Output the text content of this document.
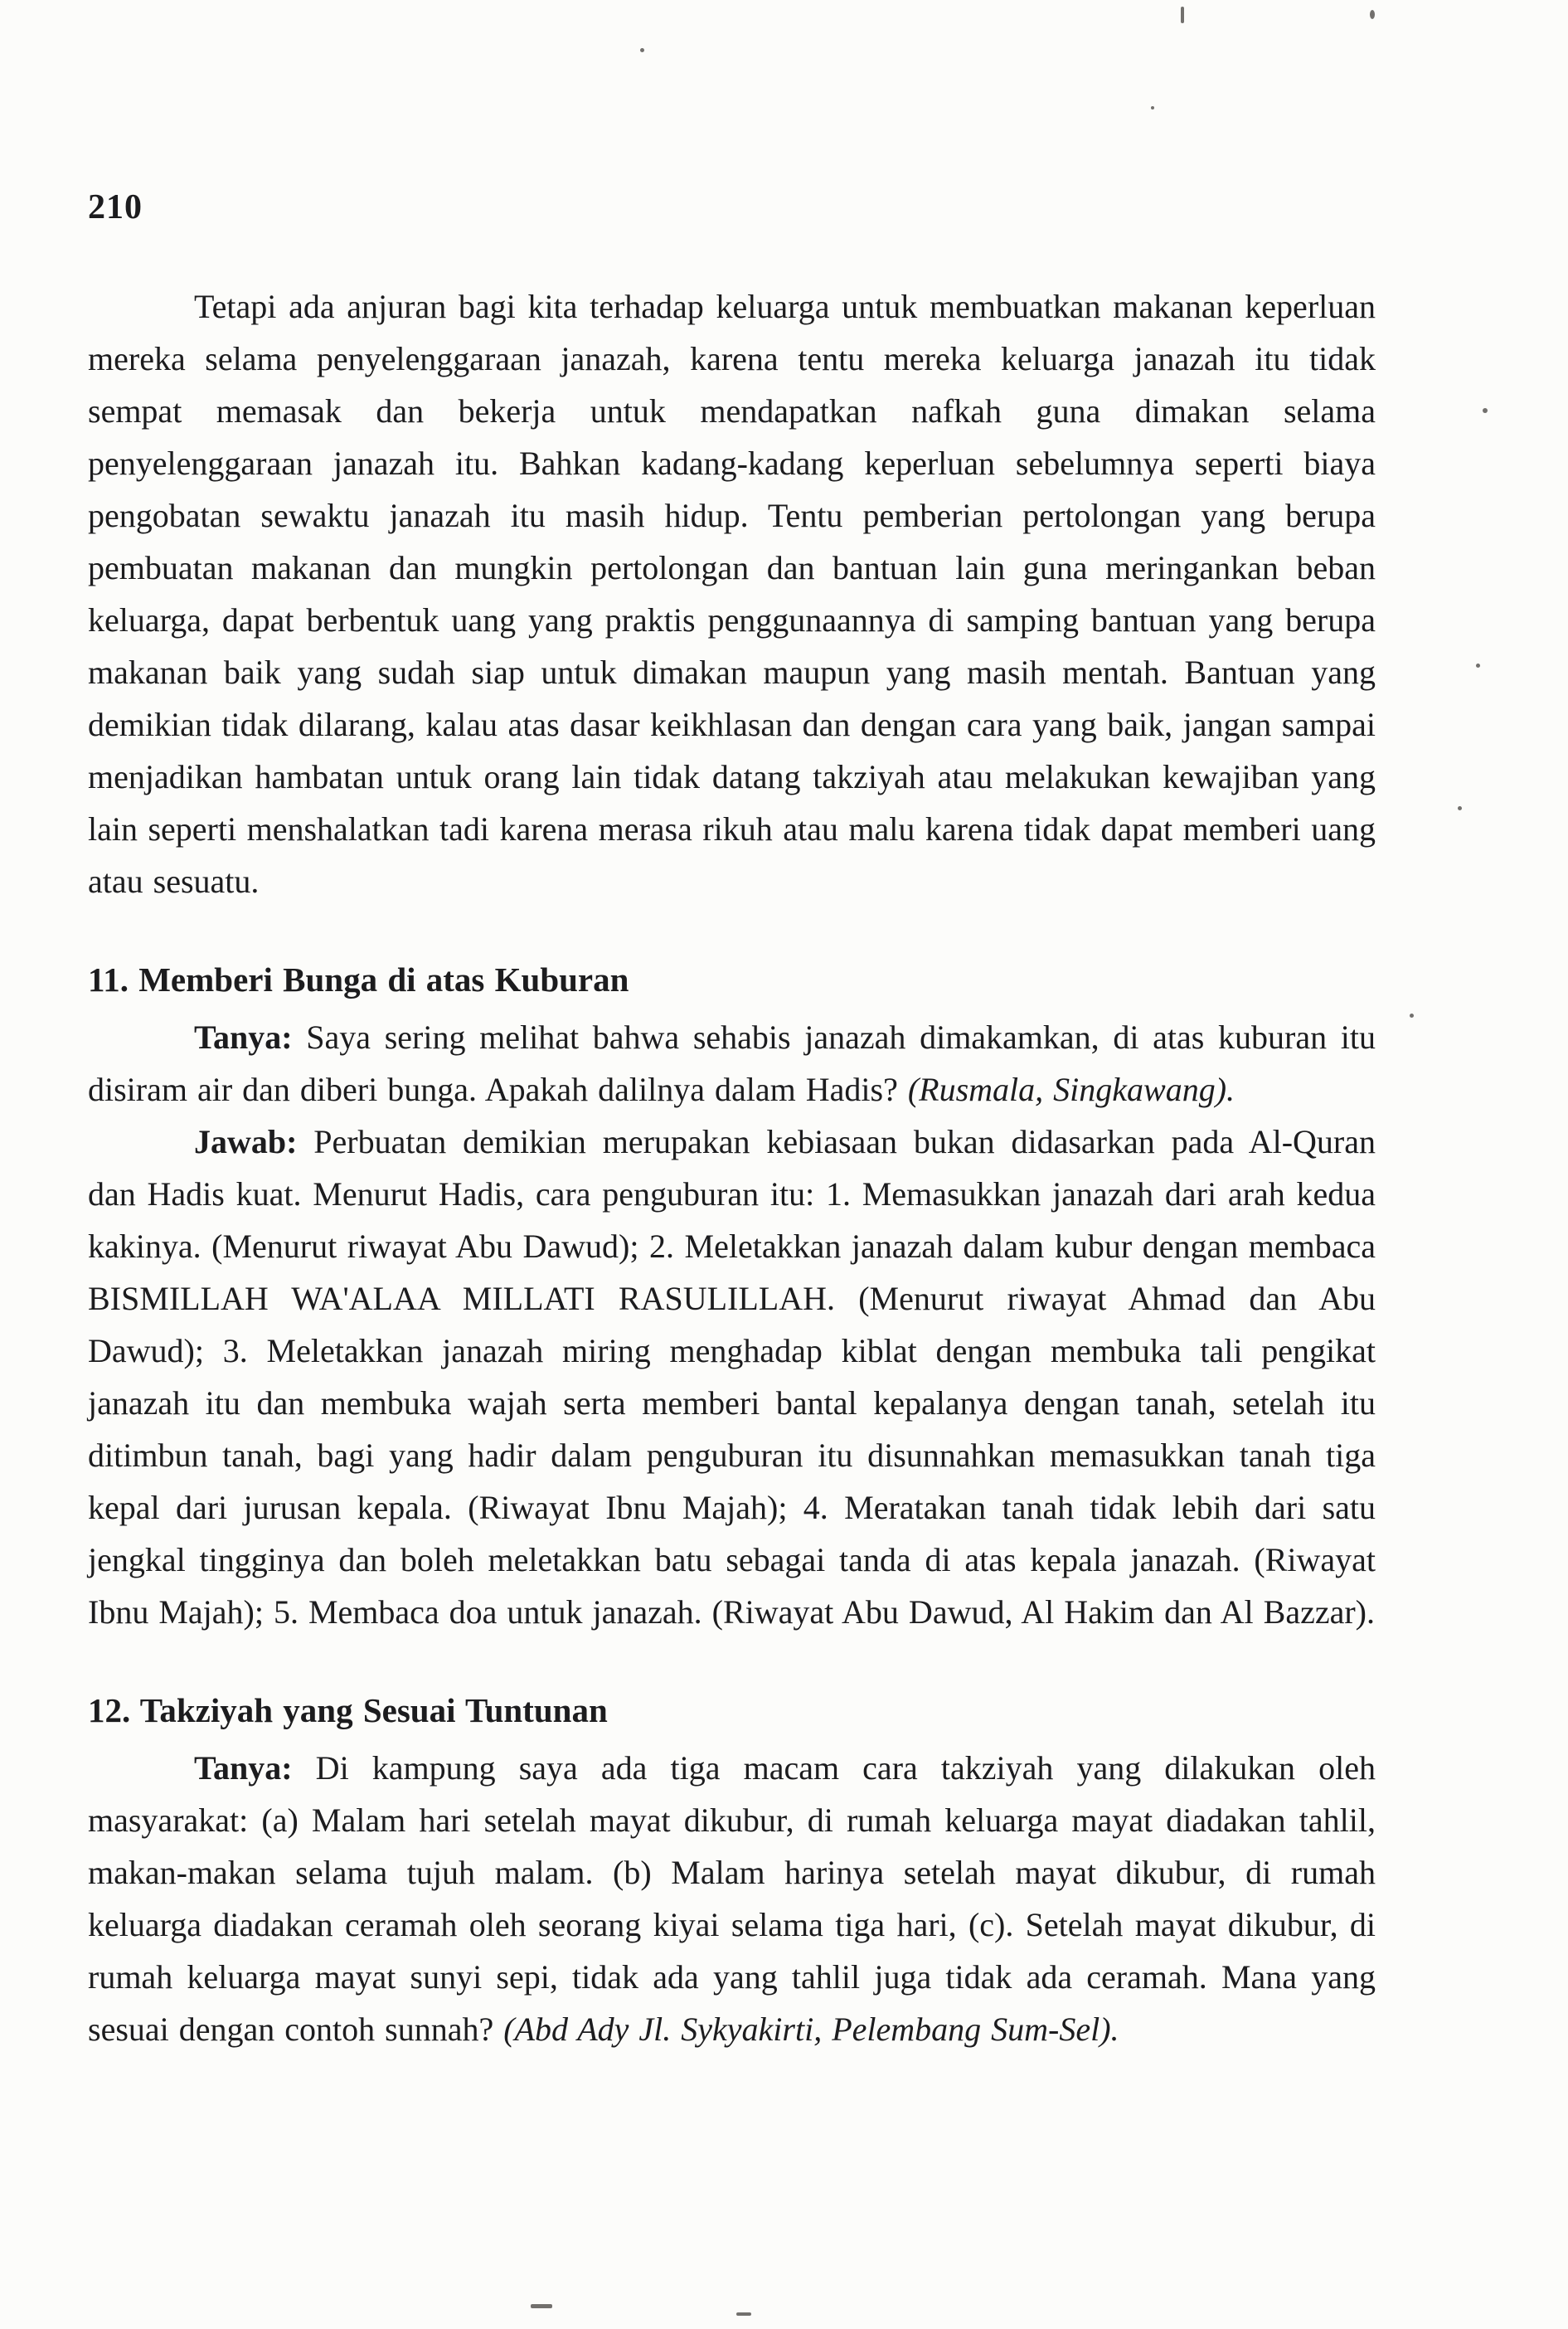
210

Tetapi ada anjuran bagi kita terhadap keluarga untuk membuatkan makanan keperluan mereka selama penyelenggaraan janazah, karena tentu mereka keluarga janazah itu tidak sempat memasak dan bekerja untuk mendapatkan nafkah guna dimakan selama penyelenggaraan janazah itu. Bahkan kadang-kadang keperluan sebelumnya seperti biaya pengobatan sewaktu janazah itu masih hidup. Tentu pemberian pertolongan yang berupa pembuatan makanan dan mungkin pertolongan dan bantuan lain guna meringankan beban keluarga, dapat berbentuk uang yang praktis penggunaannya di samping bantuan yang berupa makanan baik yang sudah siap untuk dimakan maupun yang masih mentah. Bantuan yang demikian tidak dilarang, kalau atas dasar keikhlasan dan dengan cara yang baik, jangan sampai menjadikan hambatan untuk orang lain tidak datang takziyah atau melakukan kewajiban yang lain seperti menshalatkan tadi karena merasa rikuh atau malu karena tidak dapat memberi uang atau sesuatu.

11. Memberi Bunga di atas Kuburan

Tanya: Saya sering melihat bahwa sehabis janazah dimakamkan, di atas kuburan itu disiram air dan diberi bunga. Apakah dalilnya dalam Hadis? (Rusmala, Singkawang).

Jawab: Perbuatan demikian merupakan kebiasaan bukan didasarkan pada Al-Quran dan Hadis kuat. Menurut Hadis, cara penguburan itu: 1. Memasukkan janazah dari arah kedua kakinya. (Menurut riwayat Abu Dawud); 2. Meletakkan janazah dalam kubur dengan membaca BISMILLAH WA'ALAA MILLATI RASULILLAH. (Menurut riwayat Ahmad dan Abu Dawud); 3. Meletakkan janazah miring menghadap kiblat dengan membuka tali pengikat janazah itu dan membuka wajah serta memberi bantal kepalanya dengan tanah, setelah itu ditimbun tanah, bagi yang hadir dalam penguburan itu disunnahkan memasukkan tanah tiga kepal dari jurusan kepala. (Riwayat Ibnu Majah); 4. Meratakan tanah tidak lebih dari satu jengkal tingginya dan boleh meletakkan batu sebagai tanda di atas kepala janazah. (Riwayat Ibnu Majah); 5. Membaca doa untuk janazah. (Riwayat Abu Dawud, Al Hakim dan Al Bazzar).

12. Takziyah yang Sesuai Tuntunan

Tanya: Di kampung saya ada tiga macam cara takziyah yang dilakukan oleh masyarakat: (a) Malam hari setelah mayat dikubur, di rumah keluarga mayat diadakan tahlil, makan-makan selama tujuh malam. (b) Malam harinya setelah mayat dikubur, di rumah keluarga diadakan ceramah oleh seorang kiyai selama tiga hari, (c). Setelah mayat dikubur, di rumah keluarga mayat sunyi sepi, tidak ada yang tahlil juga tidak ada ceramah. Mana yang sesuai dengan contoh sunnah? (Abd Ady Jl. Sykyakirti, Pelembang Sum-Sel).
